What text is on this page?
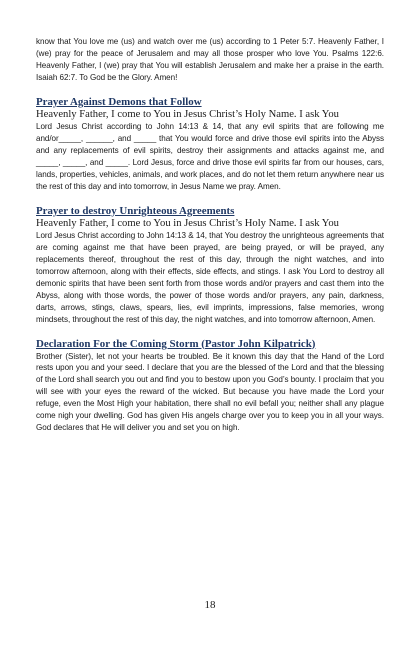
know that You love me (us) and watch over me (us) according to 1 Peter 5:7. Heavenly Father, I (we) pray for the peace of Jerusalem and may all those prosper who love You. Psalms 122:6. Heavenly Father, I (we) pray that You will establish Jerusalem and make her a praise in the earth. Isaiah 62:7. To God be the Glory. Amen!

Prayer Against Demons that Follow

Heavenly Father, I come to You in Jesus Christ’s Holy Name. I ask You

Lord Jesus Christ according to John 14:13 & 14, that any evil spirits that are following me and/or_____, ______, and _____ that You would force and drive those evil spirits into the Abyss and any replacements of evil spirits, destroy their assignments and attacks against me, and _____, _____, and _____. Lord Jesus, force and drive those evil spirits far from our houses, cars, lands, properties, vehicles, animals, and work places, and do not let them return anywhere near us the rest of this day and into tomorrow, in Jesus Name we pray. Amen.

Prayer to destroy Unrighteous Agreements

Heavenly Father, I come to You in Jesus Christ’s Holy Name. I ask You

Lord Jesus Christ according to John 14:13 & 14, that You destroy the unrighteous agreements that are coming against me that have been prayed, are being prayed, or will be prayed, any replacements thereof, throughout the rest of this day, through the night watches, and into tomorrow afternoon, along with their effects, side effects, and stings. I ask You Lord to destroy all demonic spirits that have been sent forth from those words and/or prayers and cast them into the Abyss, along with those words, the power of those words and/or prayers, any pain, darkness, darts, arrows, stings, claws, spears, lies, evil imprints, impressions, false memories, wrong mindsets, throughout the rest of this day, the night watches, and into tomorrow afternoon, Amen.

Declaration For the Coming Storm (Pastor John Kilpatrick)

Brother (Sister), let not your hearts be troubled. Be it known this day that the Hand of the Lord rests upon you and your seed. I declare that you are the blessed of the Lord and that the blessing of the Lord shall search you out and find you to bestow upon you God’s bounty. I proclaim that you will see with your eyes the reward of the wicked. But because you have made the Lord your refuge, even the Most High your habitation, there shall no evil befall you; neither shall any plague come nigh your dwelling. God has given His angels charge over you to keep you in all your ways. God declares that He will deliver you and set you on high.

18
